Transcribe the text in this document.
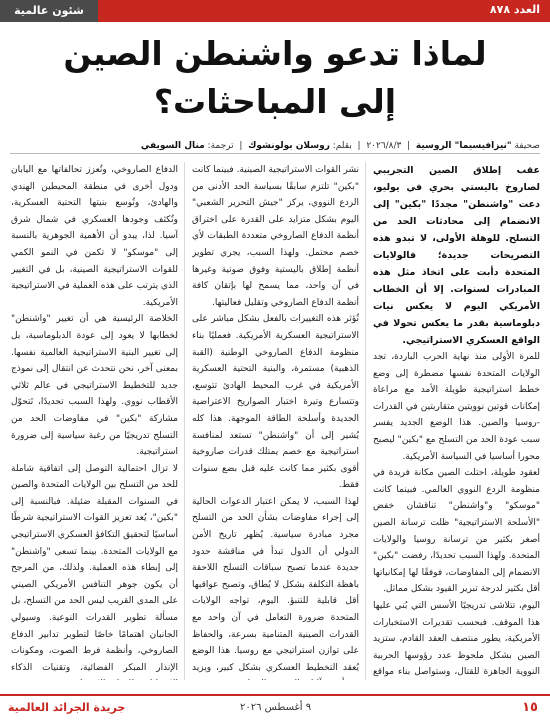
العدد ٨٧٨
شئون عالمية
لماذا تدعو واشنطن الصين
إلى المباحثات؟
صحيفة "نيزافيسيما" الروسية  |  ٢٠٢٦/٨/٣  |  بقلم: روسلان بولونشوك  |  ترجمة: منال السويفي

عقب إطلاق الصين التجريبي لصاروخ باليستي بحري في يوليو، دعت "واشنطن" مجددًا "بكين" إلى الانضمام إلى محادثات الحد من التسلح. للوهلة الأولى، لا تبدو هذه التصريحات جديدة؛ فالولايات المتحدة دأبت على اتخاذ مثل هذه المبادرات لسنوات. إلا أن الخطاب الأمريكي اليوم لا يعكس نيات دبلوماسية بقدر ما يعكس تحولا في الواقع العسكري الاستراتيجي.

للمرة الأولى منذ نهاية الحرب الباردة، تجد الولايات المتحدة نفسها مضطرة إلى وضع خطط استراتيجية طويلة الأمد مع مراعاة إمكانات قوتين نوويتين متقاربتين في القدرات -روسيا والصين. هذا الوضع الجديد يفسر سبب عودة الحد من التسلح مع "بكين" ليصبح محورا أساسيا في السياسة الأمريكية.

لعقود طويلة، احتلت الصين مكانة فريدة في منظومة الردع النووي العالمي. فبينما كانت "موسكو" و"واشنطن" تناقشان خفض "الأسلحة الاستراتيجية" ظلت ترسانة الصين أصغر بكثير من ترسانة روسيا والولايات المتحدة. ولهذا السبب تحديدًا، رفضت "بكين" الانضمام إلى المفاوضات، فوفقًا لها إمكانياتها أقل بكثير لدرجة تبرير القيود بشكل مماثل.

اليوم، تتلاشى تدريجيًا الأسس التي بُني عليها هذا الموقف. فبحسب تقديرات الاستخبارات الأمريكية، يطور منتصف العقد القادم، ستزيد الصين بشكل ملحوظ عدد رؤوسها الحربية النووية الجاهزة للقتال، وستواصل بناء مواقع

نشر القوات الاستراتيجية الصينية. فبينما كانت "بكين" تلتزم سابقًا بسياسة الحد الأدنى من الردع النووي، يركز "جيش التحرير الشعبي" اليوم بشكل متزايد على القدرة على اختراق أنظمة الدفاع الصاروخي متعددة الطبقات لأي خصم محتمل. ولهذا السبب، يجري تطوير أنظمة إطلاق باليستية وفوق صوتية وغيرها في آن واحد، مما يسمح لها بإتقان كافة أنظمة الدفاع الصاروخي وتقليل فعاليتها.

تُؤثر هذه التغييرات بالفعل بشكل مباشر على الاستراتيجية العسكرية الأمريكية. فعمليًا بناء منظومة الدفاع الصاروخي الوطنية (القبة الذهبية) مستمرة، والبنية التحتية العسكرية الأمريكية في غرب المحيط الهادئ تتوسع، وتتسارع وتيرة اختبار الصواريخ الاعتراضية الجديدة وأسلحة الطاقة الموجهة. هذا كله يُشير إلى أن "واشنطن" تستعد لمنافسة استراتيجية مع خصم يمتلك قدرات صاروخية أقوى بكثير مما كانت عليه قبل بضع سنوات فقط.

لهذا السبب، لا يمكن اعتبار الدعوات الحالية إلى إجراء مفاوضات بشأن الحد من التسلح مجرد مبادرة سياسية. يُظهر تاريخ الأمن الدولي أن الدول تبدأ في مناقشة حدود جديدة عندما تصبح سباقات التسلح اللاحقة باهظة التكلفة بشكل لا يُطاق، وتصبح عواقبها أقل قابلية للتنبؤ. اليوم، تواجه الولايات المتحدة ضرورة التعامل في آن واحد مع القدرات الصينية المتنامية بسرعة، والحفاظ على توازن استراتيجي مع روسيا. هذا الوضع يُعقد التخطيط العسكري بشكل كبير، ويزيد

الدفاع الصاروخي، وتُعزز تحالفاتها مع اليابان ودول أخرى في منطقة المحيطين الهندي والهادئ، وتُوسع بنيتها التحتية العسكرية، وتُكثف وجودها العسكري في شمال شرق آسيا. لذا، يبدو أن الأهمية الجوهرية بالنسبة إلى "موسكو" لا تكمن في النمو الكمي للقوات الاستراتيجية الصينية، بل في التغيير الذي يترتب على هذه العملية في الاستراتيجية الأمريكية.

الخلاصة الرئيسية هي أن تغيير "واشنطن" لخطابها لا يعود إلى عودة الدبلوماسية، بل إلى تغيير البنية الاستراتيجية العالمية نفسها. بمعنى آخر، نحن نتحدث عن انتقال إلى نموذج جديد للتخطيط الاستراتيجي في عالم ثلاثي الأقطاب نووي. ولهذا السبب تحديدًا، تَتحوّل مشاركة "بكين" في مفاوضات الحد من التسلح تدريجيًا من رغبة سياسية إلى ضرورة استراتيجية.

لا تزال احتمالية التوصل إلى اتفاقية شاملة للحد من التسلح بين الولايات المتحدة والصين في السنوات المقبلة ضئيلة. فبالنسبة إلى "بكين"، يُعد تعزيز القوات الاستراتيجية شرطًا أساسيًا لتحقيق التكافؤ العسكري الاستراتيجي مع الولايات المتحدة. بينما تسعى "واشنطن" إلى إبطاء هذه العملية. ولذلك، من المرجح أن يكون جوهر التنافس الأمريكي الصيني على المدى القريب ليس الحد من التسلح، بل مسألة تطوير القدرات النوعية. وسيولي الجانبان اهتمامًا خاصًا لتطوير تدابير الدفاع الصاروخي، وأنظمة فرط الصوت، ومكونات الإنذار المبكر الفضائية، وتقنيات الذكاء

١٥
٩ أغسطس ٢٠٢٦
جريدة الجرائد العالمية
